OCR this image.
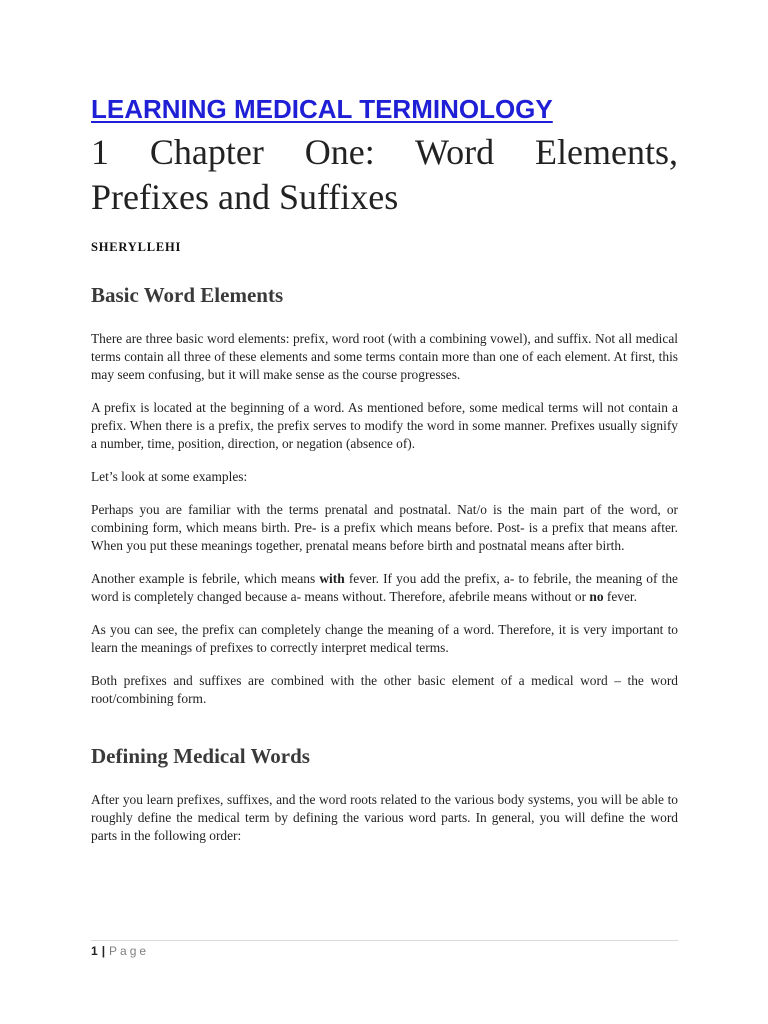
LEARNING MEDICAL TERMINOLOGY
1 Chapter One: Word Elements,
Prefixes and Suffixes
SHERYLLEHI
Basic Word Elements

There are three basic word elements: prefix, word root (with a combining vowel), and suffix. Not all medical terms contain all three of these elements and some terms contain more than one of each element. At first, this may seem confusing, but it will make sense as the course progresses.

A prefix is located at the beginning of a word. As mentioned before, some medical terms will not contain a prefix. When there is a prefix, the prefix serves to modify the word in some manner. Prefixes usually signify a number, time, position, direction, or negation (absence of).

Let’s look at some examples:

Perhaps you are familiar with the terms prenatal and postnatal. Nat/o is the main part of the word, or combining form, which means birth. Pre- is a prefix which means before. Post- is a prefix that means after. When you put these meanings together, prenatal means before birth and postnatal means after birth.

Another example is febrile, which means with fever. If you add the prefix, a- to febrile, the meaning of the word is completely changed because a- means without. Therefore, afebrile means without or no fever.

As you can see, the prefix can completely change the meaning of a word. Therefore, it is very important to learn the meanings of prefixes to correctly interpret medical terms.

Both prefixes and suffixes are combined with the other basic element of a medical word – the word root/combining form.

Defining Medical Words

After you learn prefixes, suffixes, and the word roots related to the various body systems, you will be able to roughly define the medical term by defining the various word parts. In general, you will define the word parts in the following order:

1 | Page
